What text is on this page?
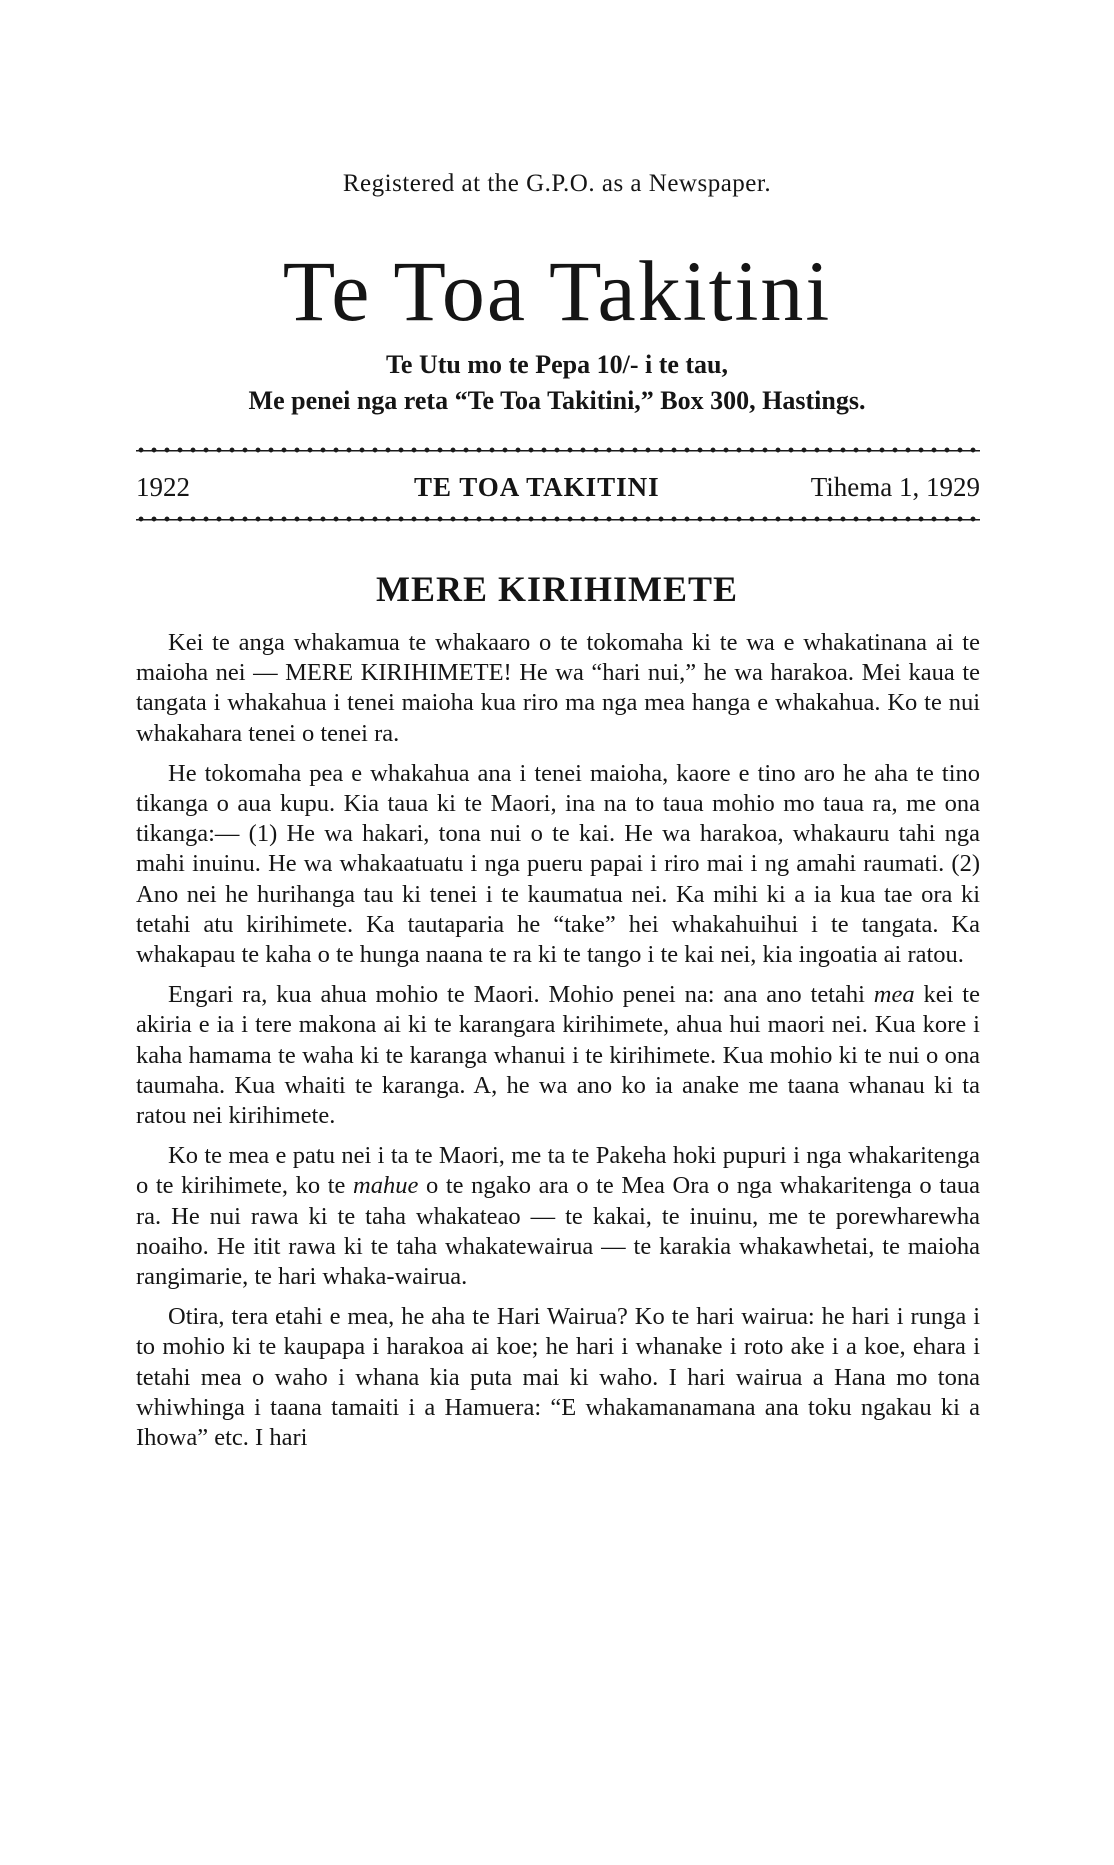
Registered at the G.P.O. as a Newspaper.
Te Toa Takitini
Te Utu mo te Pepa 10/- i te tau,
Me penei nga reta “Te Toa Takitini,” Box 300, Hastings.
1922	TE TOA TAKITINI	Tihema 1, 1929
MERE KIRIHIMETE

Kei te anga whakamua te whakaaro o te tokomaha ki te wa e whakatinana ai te maioha nei — MERE KIRIHIMETE! He wa “hari nui,” he wa harakoa. Mei kaua te tangata i whakahua i tenei maioha kua riro ma nga mea hanga e whakahua. Ko te nui whakahara tenei o tenei ra.

He tokomaha pea e whakahua ana i tenei maioha, kaore e tino aro he aha te tino tikanga o aua kupu. Kia taua ki te Maori, ina na to taua mohio mo taua ra, me ona tikanga:— (1) He wa hakari, tona nui o te kai. He wa harakoa, whakauru tahi nga mahi inuinu. He wa whakaatuatu i nga pueru papai i riro mai i ng amahi raumati. (2) Ano nei he hurihanga tau ki tenei i te kaumatua nei. Ka mihi ki a ia kua tae ora ki tetahi atu kirihimete. Ka tautaparia he “take” hei whakahuihui i te tangata. Ka whakapau te kaha o te hunga naana te ra ki te tango i te kai nei, kia ingoatia ai ratou.

Engari ra, kua ahua mohio te Maori. Mohio penei na: ana ano tetahi mea kei te akiria e ia i tere makona ai ki te karangara kirihimete, ahua hui maori nei. Kua kore i kaha hamama te waha ki te karanga whanui i te kirihimete. Kua mohio ki te nui o ona taumaha. Kua whaiti te karanga. A, he wa ano ko ia anake me taana whanau ki ta ratou nei kirihimete.

Ko te mea e patu nei i ta te Maori, me ta te Pakeha hoki pupuri i nga whakaritenga o te kirihimete, ko te mahue o te ngako ara o te Mea Ora o nga whakaritenga o taua ra. He nui rawa ki te taha whakateao — te kakai, te inuinu, me te porewharewha noaiho. He itit rawa ki te taha whakatewairua — te karakia whakawhetai, te maioha rangimarie, te hari whaka-wairua.

Otira, tera etahi e mea, he aha te Hari Wairua? Ko te hari wairua: he hari i runga i to mohio ki te kaupapa i harakoa ai koe; he hari i whanake i roto ake i a koe, ehara i tetahi mea o waho i whana kia puta mai ki waho. I hari wairua a Hana mo tona whiwhinga i taana tamaiti i a Hamuera: “E whakamanamana ana toku ngakau ki a Ihowa” etc. I hari
